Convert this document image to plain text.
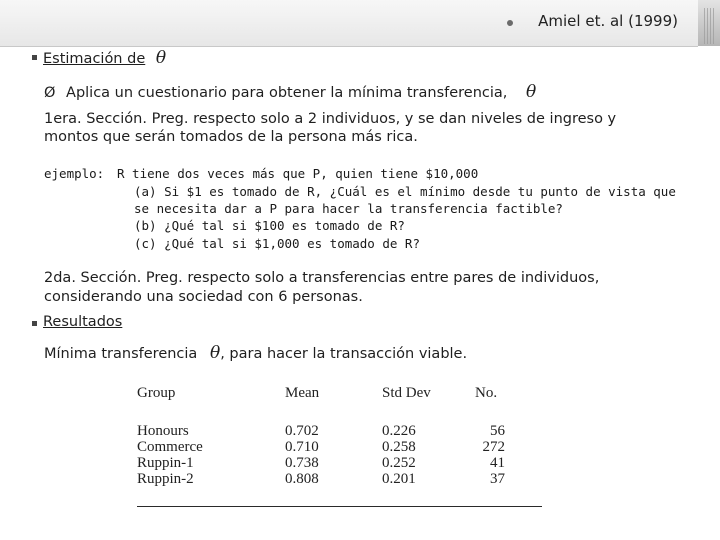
Amiel et. al (1999)
Estimación de θ
Ø Aplica un cuestionario para obtener la mínima transferencia, θ
1era. Sección. Preg. respecto solo a 2 individuos, y se dan niveles de ingreso y
montos que serán tomados de la persona más rica.
ejemplo: R tiene dos veces más que P, quien tiene $10,000
(a) Si $1 es tomado de R, ¿Cuál es el mínimo desde tu punto de vista que
se necesita dar a P para hacer la transferencia factible?
(b) ¿Qué tal si $100 es tomado de R?
(c) ¿Qué tal si $1,000 es tomado de R?
2da. Sección. Preg. respecto solo a transferencias entre pares de individuos,
considerando una sociedad con 6 personas.
Resultados
Mínima transferencia θ, para hacer la transacción viable.
Group	Mean	Std Dev	No.

Honours	0.702	0.226	56
Commerce	0.710	0.258	272
Ruppin-1	0.738	0.252	41
Ruppin-2	0.808	0.201	37
